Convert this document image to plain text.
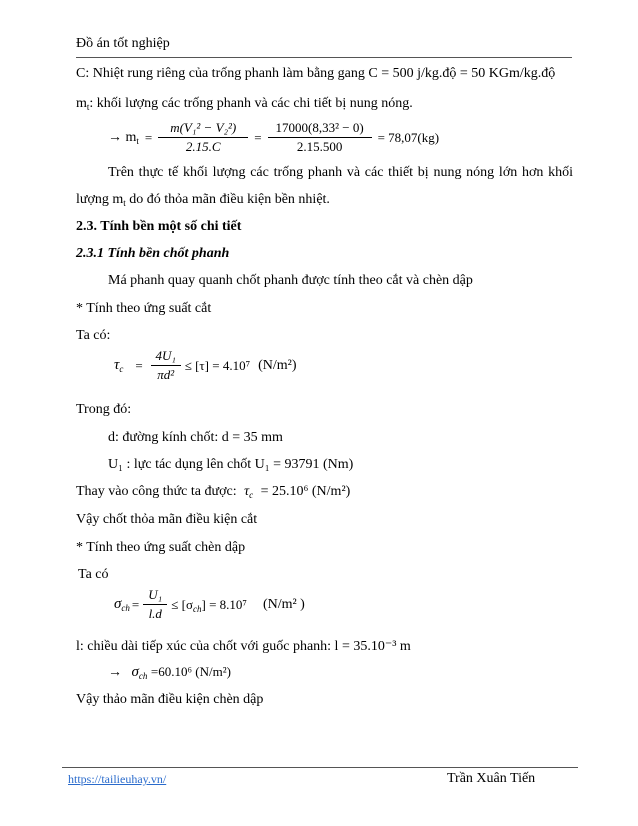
Đồ án tốt nghiệp
C: Nhiệt rung riêng của trống phanh làm bằng gang C = 500 j/kg.độ = 50 KGm/kg.độ
$m_t$: khối lượng các trống phanh và các chi tiết bị nung nóng.
→ $m_t = \frac{\text{m(V₁² − V₂²)}}{2.15.C} = \frac{\text{17000(8,33² − 0)}}{2.15.500} = 78,07(kg)$
Trên thực tế khối lượng các trống phanh và các thiết bị nung nóng lớn hơn khối
lượng $m_t$ do đó thỏa mãn điều kiện bền nhiệt.
2.3. Tính bền một số chi tiết
2.3.1 Tính bền chốt phanh
Má phanh quay quanh chốt phanh được tính theo cắt và chèn dập
* Tính theo ứng suất cắt
Ta có:
$\tau_c = \frac{\text{4U₁}}{\text{πd²}} \le [\tau] = 4.10^7$ (N/m²)
Trong đó:
d: đường kính chốt: d = 35 mm
U₁ : lực tác dụng lên chốt U₁ = 93791 (Nm)
Thay vào công thức ta được: $\tau_c = 25.10^6$ (N/m²)
Vậy chốt thỏa mãn điều kiện cắt
* Tính theo ứng suất chèn dập
Ta có
$\sigma_{ch} = \frac{\text{U₁}}{l.d} \le [\sigma_{ch}] = 8.10^7$ (N/m² )
l: chiều dài tiếp xúc của chốt với guốc phanh: l = 35.10⁻³ m
→ $\sigma_{ch} =60.10^6$ (N/m²)
Vậy thảo mãn điều kiện chèn dập
https://tailieuhay.vn/	Trần Xuân Tiến
